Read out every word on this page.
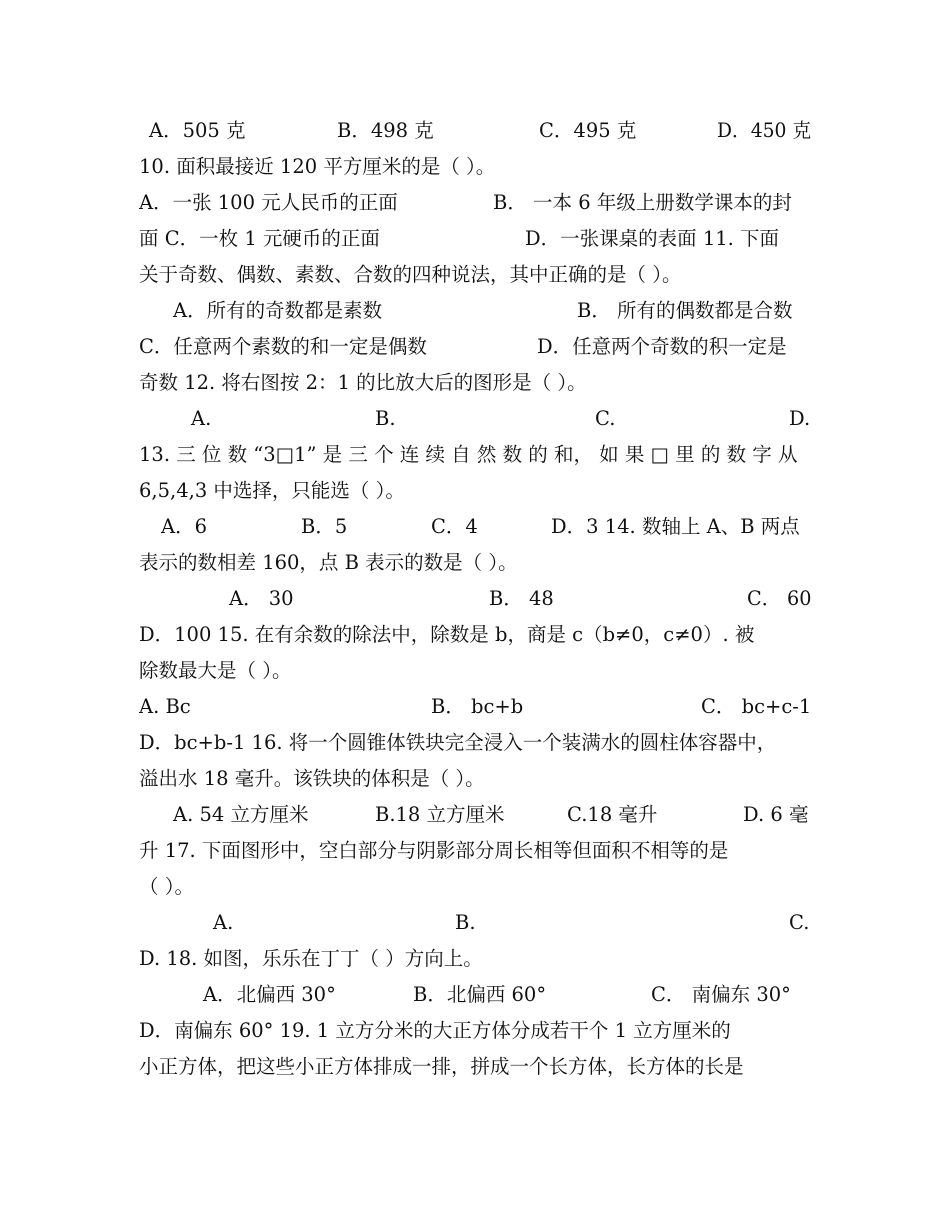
A．505 克	B．498 克	C．495 克	D．450 克
10. 面积最接近 120 平方厘米的是（ ）。
A．一张 100 元人民币的正面	B． 一本 6 年级上册数学课本的封
面 C．一枚 1 元硬币的正面	D．一张课桌的表面 11. 下面
关于奇数、偶数、素数、合数的四种说法，其中正确的是（ ）。
A．所有的奇数都是素数	B． 所有的偶数都是合数
C．任意两个素数的和一定是偶数	D．任意两个奇数的积一定是
奇数 12. 将右图按 2：1 的比放大后的图形是（ ）。
A.	B.	C.	D.
13. 三 位 数 “3□1” 是 三 个 连 续 自 然 数 的 和， 如 果 □ 里 的 数 字 从
6,5,4,3 中选择，只能选（ ）。
A．6	B．5	C．4	D．3 14. 数轴上 A、B 两点
表示的数相差 160，点 B 表示的数是（ ）。
A． 30	B． 48	C． 60
D．100 15. 在有余数的除法中，除数是 b，商是 c（b≠0，c≠0）. 被
除数最大是（ ）。
A. Bc	B． bc+b	C． bc+c-1
D．bc+b-1 16. 将一个圆锥体铁块完全浸入一个装满水的圆柱体容器中，
溢出水 18 毫升。该铁块的体积是（ ）。
A. 54 立方厘米	B.18 立方厘米	C.18 毫升	D. 6 毫
升 17. 下面图形中，空白部分与阴影部分周长相等但面积不相等的是
（ ）。
A.	B.	C.
D. 18. 如图，乐乐在丁丁（ ）方向上。
A．北偏西 30°	B．北偏西 60°	C． 南偏东 30°
D．南偏东 60° 19. 1 立方分米的大正方体分成若干个 1 立方厘米的
小正方体，把这些小正方体排成一排，拼成一个长方体，长方体的长是
